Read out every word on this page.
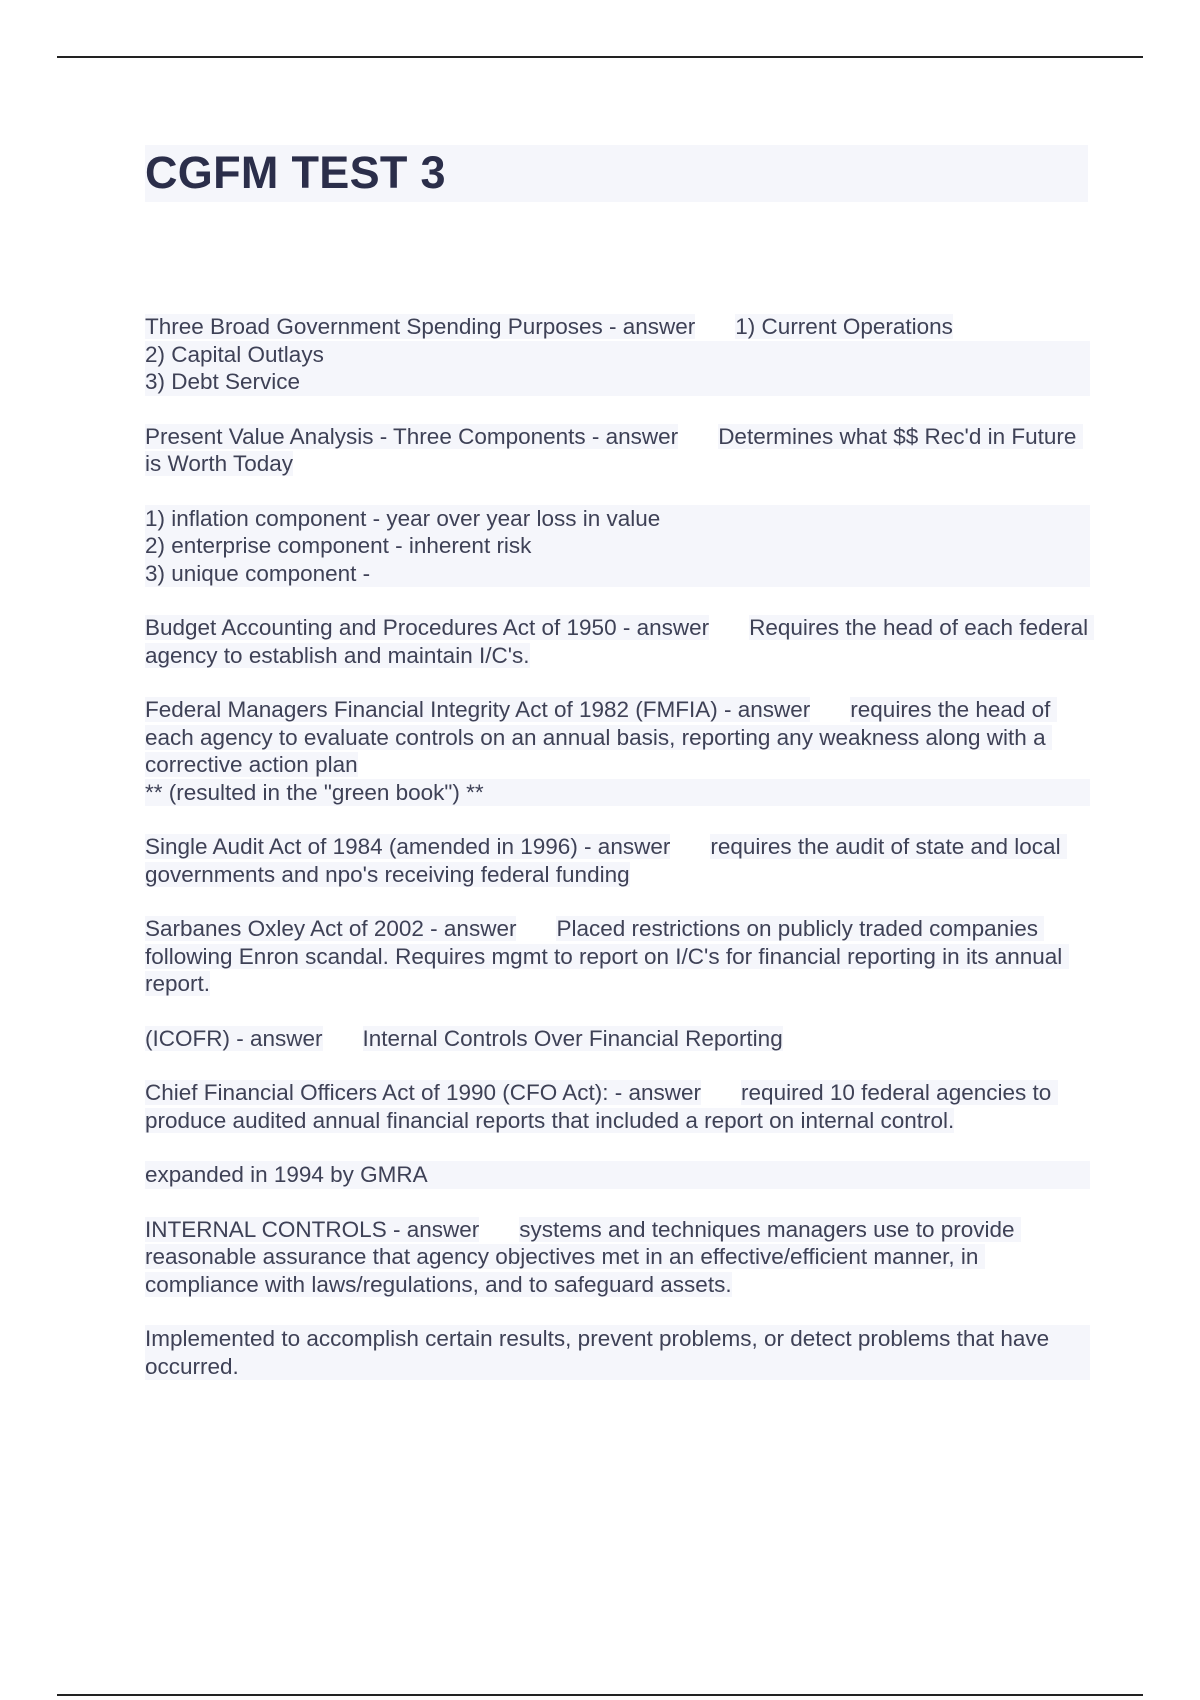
CGFM TEST 3

Three Broad Government Spending Purposes - answer 1) Current Operations

2) Capital Outlays
3) Debt Service

Present Value Analysis - Three Components - answer Determines what $$ Rec'd in Future is Worth Today

1) inflation component - year over year loss in value
2) enterprise component - inherent risk
3) unique component -

Budget Accounting and Procedures Act of 1950 - answer Requires the head of each federal agency to establish and maintain I/C's.

Federal Managers Financial Integrity Act of 1982 (FMFIA) - answer requires the head of each agency to evaluate controls on an annual basis, reporting any weakness along with a corrective action plan

** (resulted in the "green book") **

Single Audit Act of 1984 (amended in 1996) - answer requires the audit of state and local governments and npo's receiving federal funding

Sarbanes Oxley Act of 2002 - answer Placed restrictions on publicly traded companies following Enron scandal. Requires mgmt to report on I/C's for financial reporting in its annual report.

(ICOFR) - answer Internal Controls Over Financial Reporting

Chief Financial Officers Act of 1990 (CFO Act): - answer required 10 federal agencies to produce audited annual financial reports that included a report on internal control.

expanded in 1994 by GMRA

INTERNAL CONTROLS - answer systems and techniques managers use to provide reasonable assurance that agency objectives met in an effective/efficient manner, in compliance with laws/regulations, and to safeguard assets.

Implemented to accomplish certain results, prevent problems, or detect problems that have occurred.
